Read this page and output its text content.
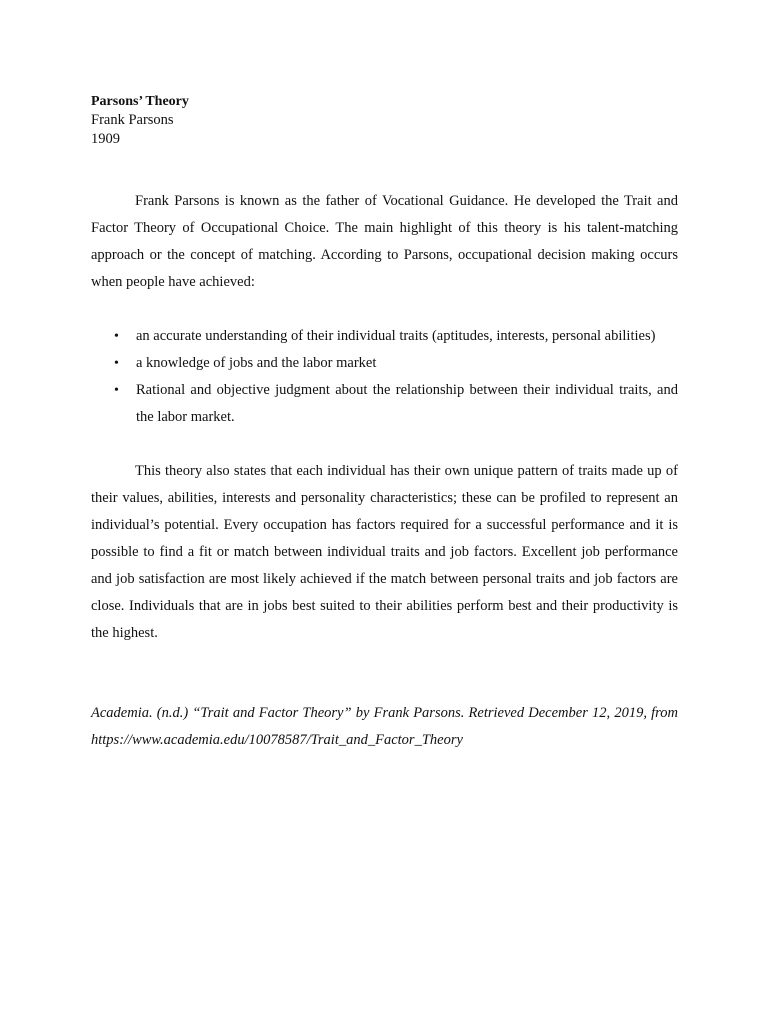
Parsons’ Theory
Frank Parsons
1909

Frank Parsons is known as the father of Vocational Guidance. He developed the Trait and Factor Theory of Occupational Choice. The main highlight of this theory is his talent-matching approach or the concept of matching. According to Parsons, occupational decision making occurs when people have achieved:

• an accurate understanding of their individual traits (aptitudes, interests, personal abilities)
• a knowledge of jobs and the labor market
• Rational and objective judgment about the relationship between their individual traits, and the labor market.

This theory also states that each individual has their own unique pattern of traits made up of their values, abilities, interests and personality characteristics; these can be profiled to represent an individual’s potential. Every occupation has factors required for a successful performance and it is possible to find a fit or match between individual traits and job factors. Excellent job performance and job satisfaction are most likely achieved if the match between personal traits and job factors are close. Individuals that are in jobs best suited to their abilities perform best and their productivity is the highest.

Academia. (n.d.) “Trait and Factor Theory” by Frank Parsons. Retrieved December 12, 2019, from https://www.academia.edu/10078587/Trait_and_Factor_Theory
